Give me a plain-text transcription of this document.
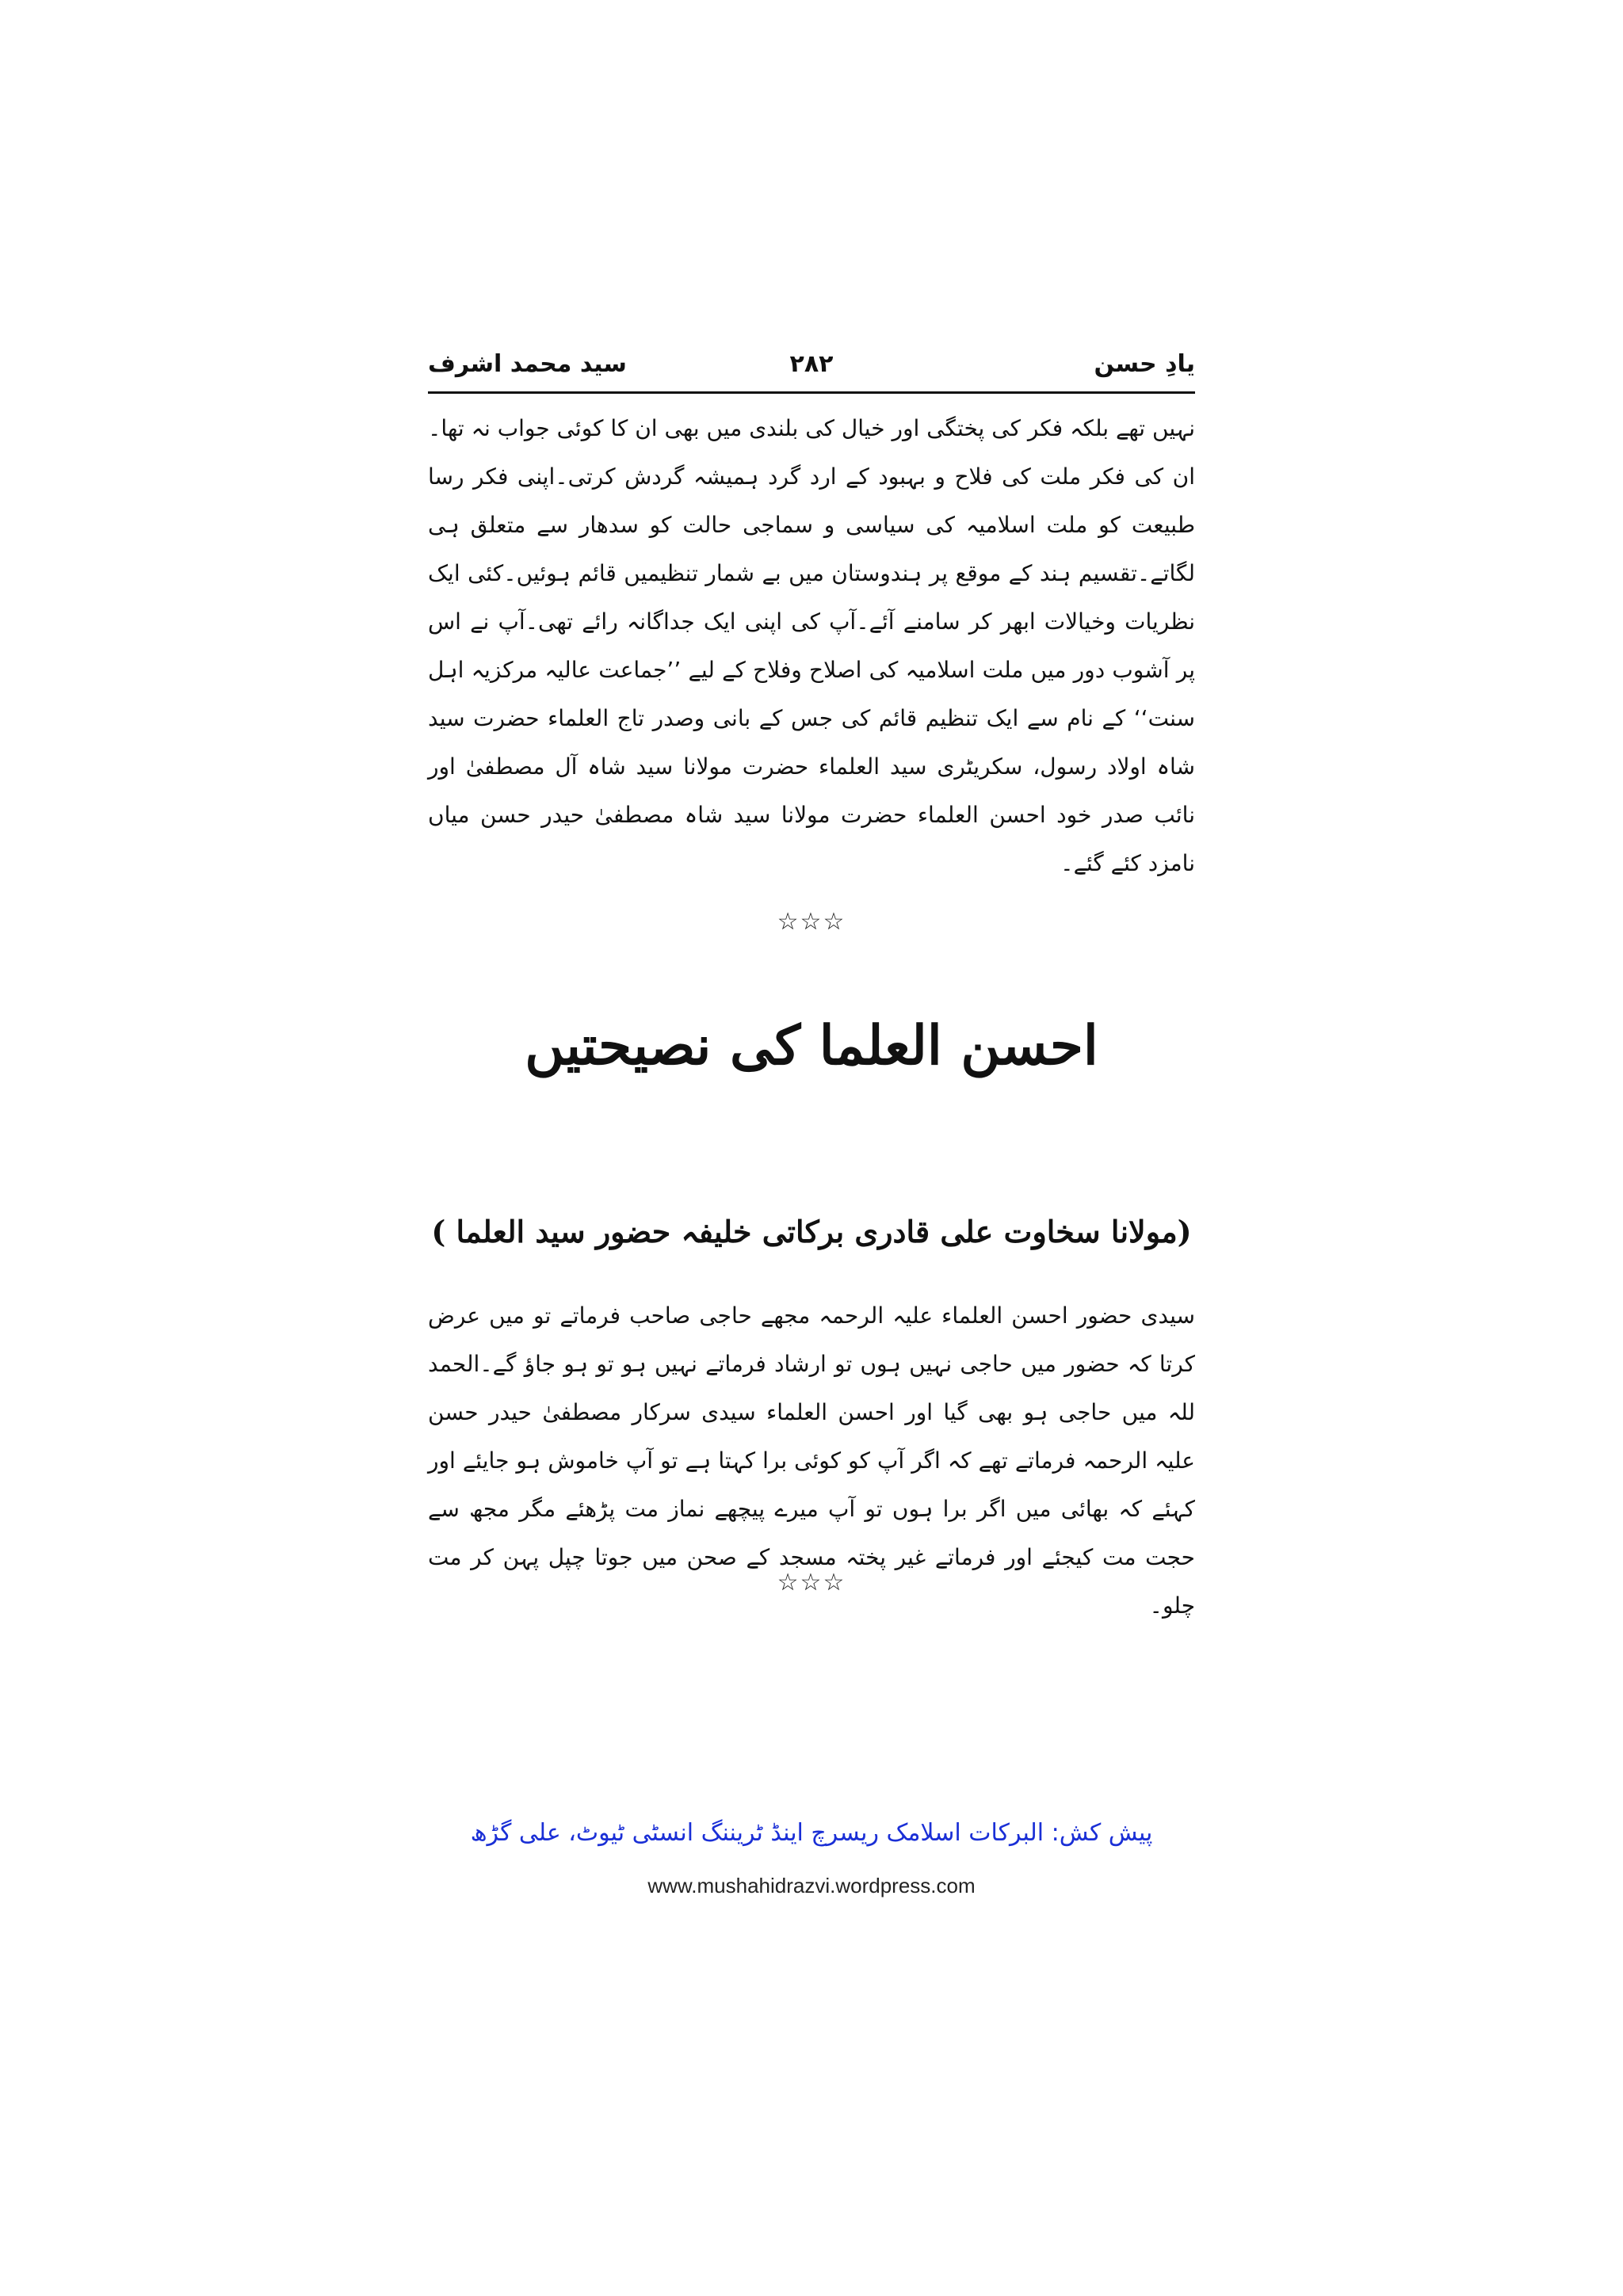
یادِ حسن
۲۸۲
سید محمد اشرف
نہیں تھے بلکہ فکر کی پختگی اور خیال کی بلندی میں بھی ان کا کوئی جواب نہ تھا۔ان کی فکر ملت کی فلاح و بہبود کے ارد گرد ہمیشہ گردش کرتی۔اپنی فکر رسا طبیعت کو ملت اسلامیہ کی سیاسی و سماجی حالت کو سدھار سے متعلق ہی لگاتے۔تقسیم ہند کے موقع پر ہندوستان میں بے شمار تنظیمیں قائم ہوئیں۔کئی ایک نظریات وخیالات ابھر کر سامنے آئے۔آپ کی اپنی ایک جداگانہ رائے تھی۔آپ نے اس پر آشوب دور میں ملت اسلامیہ کی اصلاح وفلاح کے لیے ’’جماعت عالیہ مرکزیہ اہل سنت‘‘ کے نام سے ایک تنظیم قائم کی جس کے بانی وصدر تاج العلماء حضرت سید شاہ اولاد رسول، سکریٹری سید العلماء حضرت مولانا سید شاہ آل مصطفیٰ اور نائب صدر خود احسن العلماء حضرت مولانا سید شاہ مصطفیٰ حیدر حسن میاں نامزد کئے گئے۔
☆☆☆
احسن العلما کی نصیحتیں
(مولانا سخاوت علی قادری برکاتی خلیفہ حضور سید العلما )
سیدی حضور احسن العلماء علیہ الرحمہ مجھے حاجی صاحب فرماتے تو میں عرض کرتا کہ حضور میں حاجی نہیں ہوں تو ارشاد فرماتے نہیں ہو تو ہو جاؤ گے۔الحمد للہ میں حاجی ہو بھی گیا اور احسن العلماء سیدی سرکار مصطفیٰ حیدر حسن علیہ الرحمہ فرماتے تھے کہ اگر آپ کو کوئی برا کہتا ہے تو آپ خاموش ہو جایئے اور کہئے کہ بھائی میں اگر برا ہوں تو آپ میرے پیچھے نماز مت پڑھئے مگر مجھ سے حجت مت کیجئے اور فرماتے غیر پختہ مسجد کے صحن میں جوتا چپل پہن کر مت چلو۔
☆☆☆
پیش کش: البرکات اسلامک ریسرچ اینڈ ٹریننگ انسٹی ٹیوٹ، علی گڑھ
www.mushahidrazvi.wordpress.com
